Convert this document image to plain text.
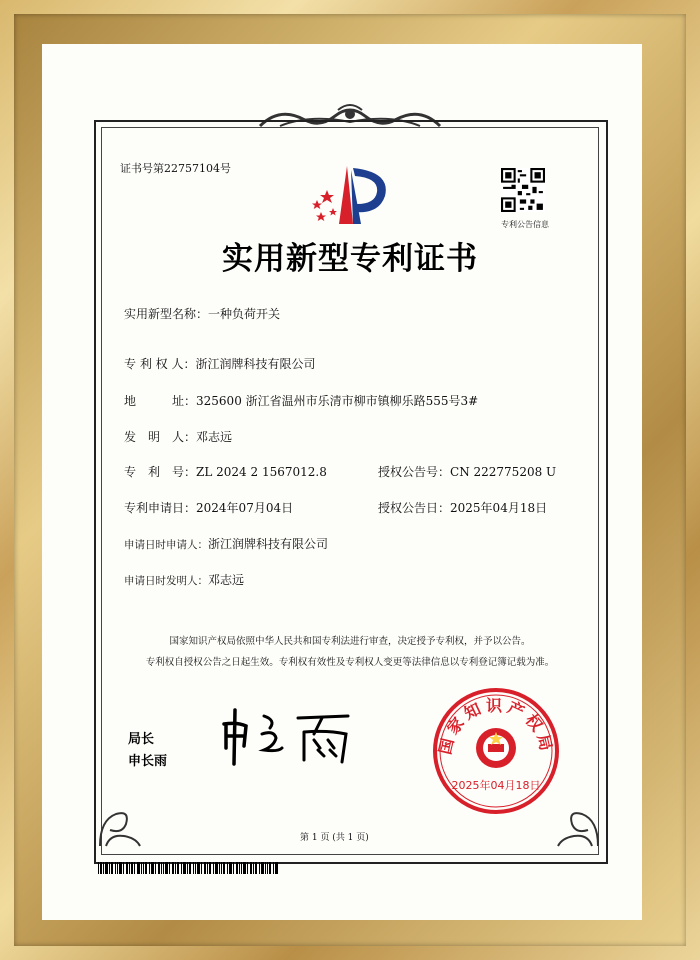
证书号第22757104号
专利公告信息
实用新型专利证书
实用新型名称：一种负荷开关
专 利 权 人：浙江润牌科技有限公司
地　　　址：325600 浙江省温州市乐清市柳市镇柳乐路555号3#
发　明　人：邓志远
专　利　号：ZL 2024 2 1567012.8	授权公告号：CN 222775208 U
专利申请日：2024年07月04日	授权公告日：2025年04月18日
申请日时申请人：浙江润牌科技有限公司
申请日时发明人：邓志远
国家知识产权局依照中华人民共和国专利法进行审查，决定授予专利权，并予以公告。
专利权自授权公告之日起生效。专利权有效性及专利权人变更等法律信息以专利登记簿记载为准。
局长
申长雨
国家知识产权局
2025年04月18日
第 1 页 (共 1 页)
